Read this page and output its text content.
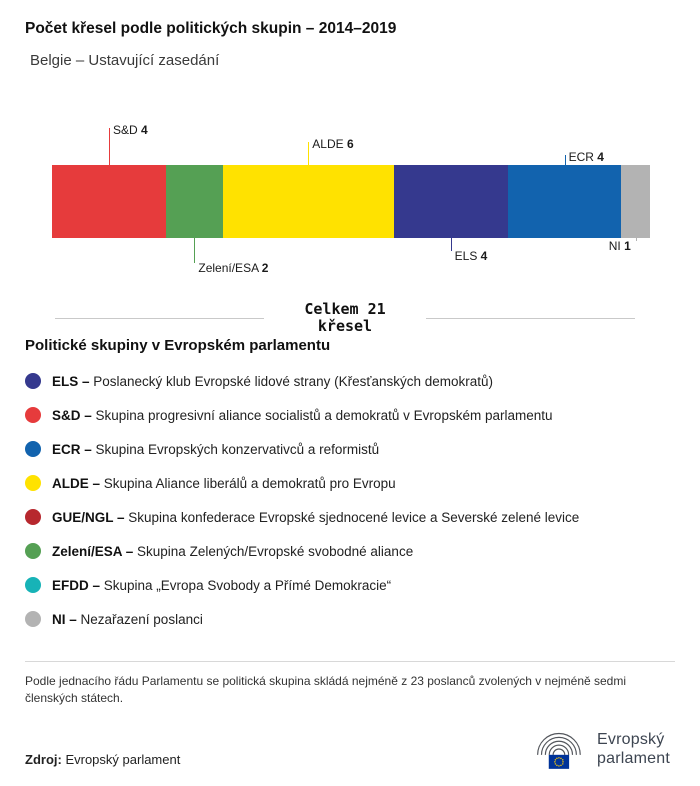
Počet křesel podle politických skupin – 2014–2019
Belgie – Ustavující zasedání
Celkem 21 křesel
S&D 4
Zelení/ESA 2
ALDE 6
ELS 4
ECR 4
NI 1
Politické skupiny v Evropském parlamentu
ELS – Poslanecký klub Evropské lidové strany (Křesťanských demokratů)
S&D – Skupina progresivní aliance socialistů a demokratů v Evropském parlamentu
ECR – Skupina Evropských konzervativců a reformistů
ALDE – Skupina Aliance liberálů a demokratů pro Evropu
GUE/NGL – Skupina konfederace Evropské sjednocené levice a Severské zelené levice
Zelení/ESA – Skupina Zelených/Evropské svobodné aliance
EFDD – Skupina „Evropa Svobody a Přímé Demokracie“
NI – Nezařazení poslanci

Podle jednacího řádu Parlamentu se politická skupina skládá nejméně z 23 poslanců zvolených v nejméně sedmi členských státech.

Zdroj: Evropský parlament
Evropský
parlament
